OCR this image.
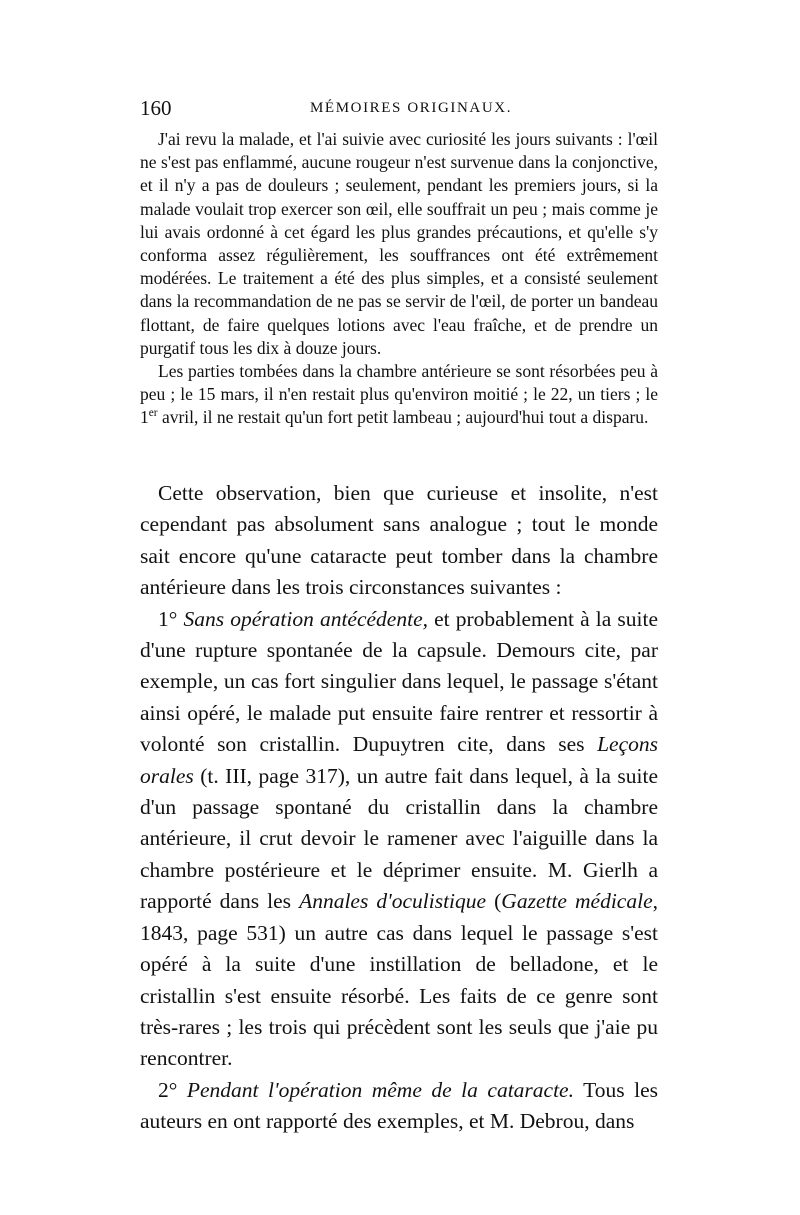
160	MÉMOIRES ORIGINAUX.

J'ai revu la malade, et l'ai suivie avec curiosité les jours suivants : l'œil ne s'est pas enflammé, aucune rougeur n'est survenue dans la conjonctive, et il n'y a pas de douleurs ; seulement, pendant les premiers jours, si la malade voulait trop exercer son œil, elle souffrait un peu ; mais comme je lui avais ordonné à cet égard les plus grandes précautions, et qu'elle s'y conforma assez régulièrement, les souffrances ont été extrêmement modérées. Le traitement a été des plus simples, et a consisté seulement dans la recommandation de ne pas se servir de l'œil, de porter un bandeau flottant, de faire quelques lotions avec l'eau fraîche, et de prendre un purgatif tous les dix à douze jours.

Les parties tombées dans la chambre antérieure se sont résorbées peu à peu ; le 15 mars, il n'en restait plus qu'environ moitié ; le 22, un tiers ; le 1er avril, il ne restait qu'un fort petit lambeau ; aujourd'hui tout a disparu.

Cette observation, bien que curieuse et insolite, n'est cependant pas absolument sans analogue ; tout le monde sait encore qu'une cataracte peut tomber dans la chambre antérieure dans les trois circonstances suivantes :

1° Sans opération antécédente, et probablement à la suite d'une rupture spontanée de la capsule. Demours cite, par exemple, un cas fort singulier dans lequel, le passage s'étant ainsi opéré, le malade put ensuite faire rentrer et ressortir à volonté son cristallin. Dupuytren cite, dans ses Leçons orales (t. III, page 317), un autre fait dans lequel, à la suite d'un passage spontané du cristallin dans la chambre antérieure, il crut devoir le ramener avec l'aiguille dans la chambre postérieure et le déprimer ensuite. M. Gierlh a rapporté dans les Annales d'oculistique (Gazette médicale, 1843, page 531) un autre cas dans lequel le passage s'est opéré à la suite d'une instillation de belladone, et le cristallin s'est ensuite résorbé. Les faits de ce genre sont très-rares ; les trois qui précèdent sont les seuls que j'aie pu rencontrer.

2° Pendant l'opération même de la cataracte. Tous les auteurs en ont rapporté des exemples, et M. Debrou, dans
